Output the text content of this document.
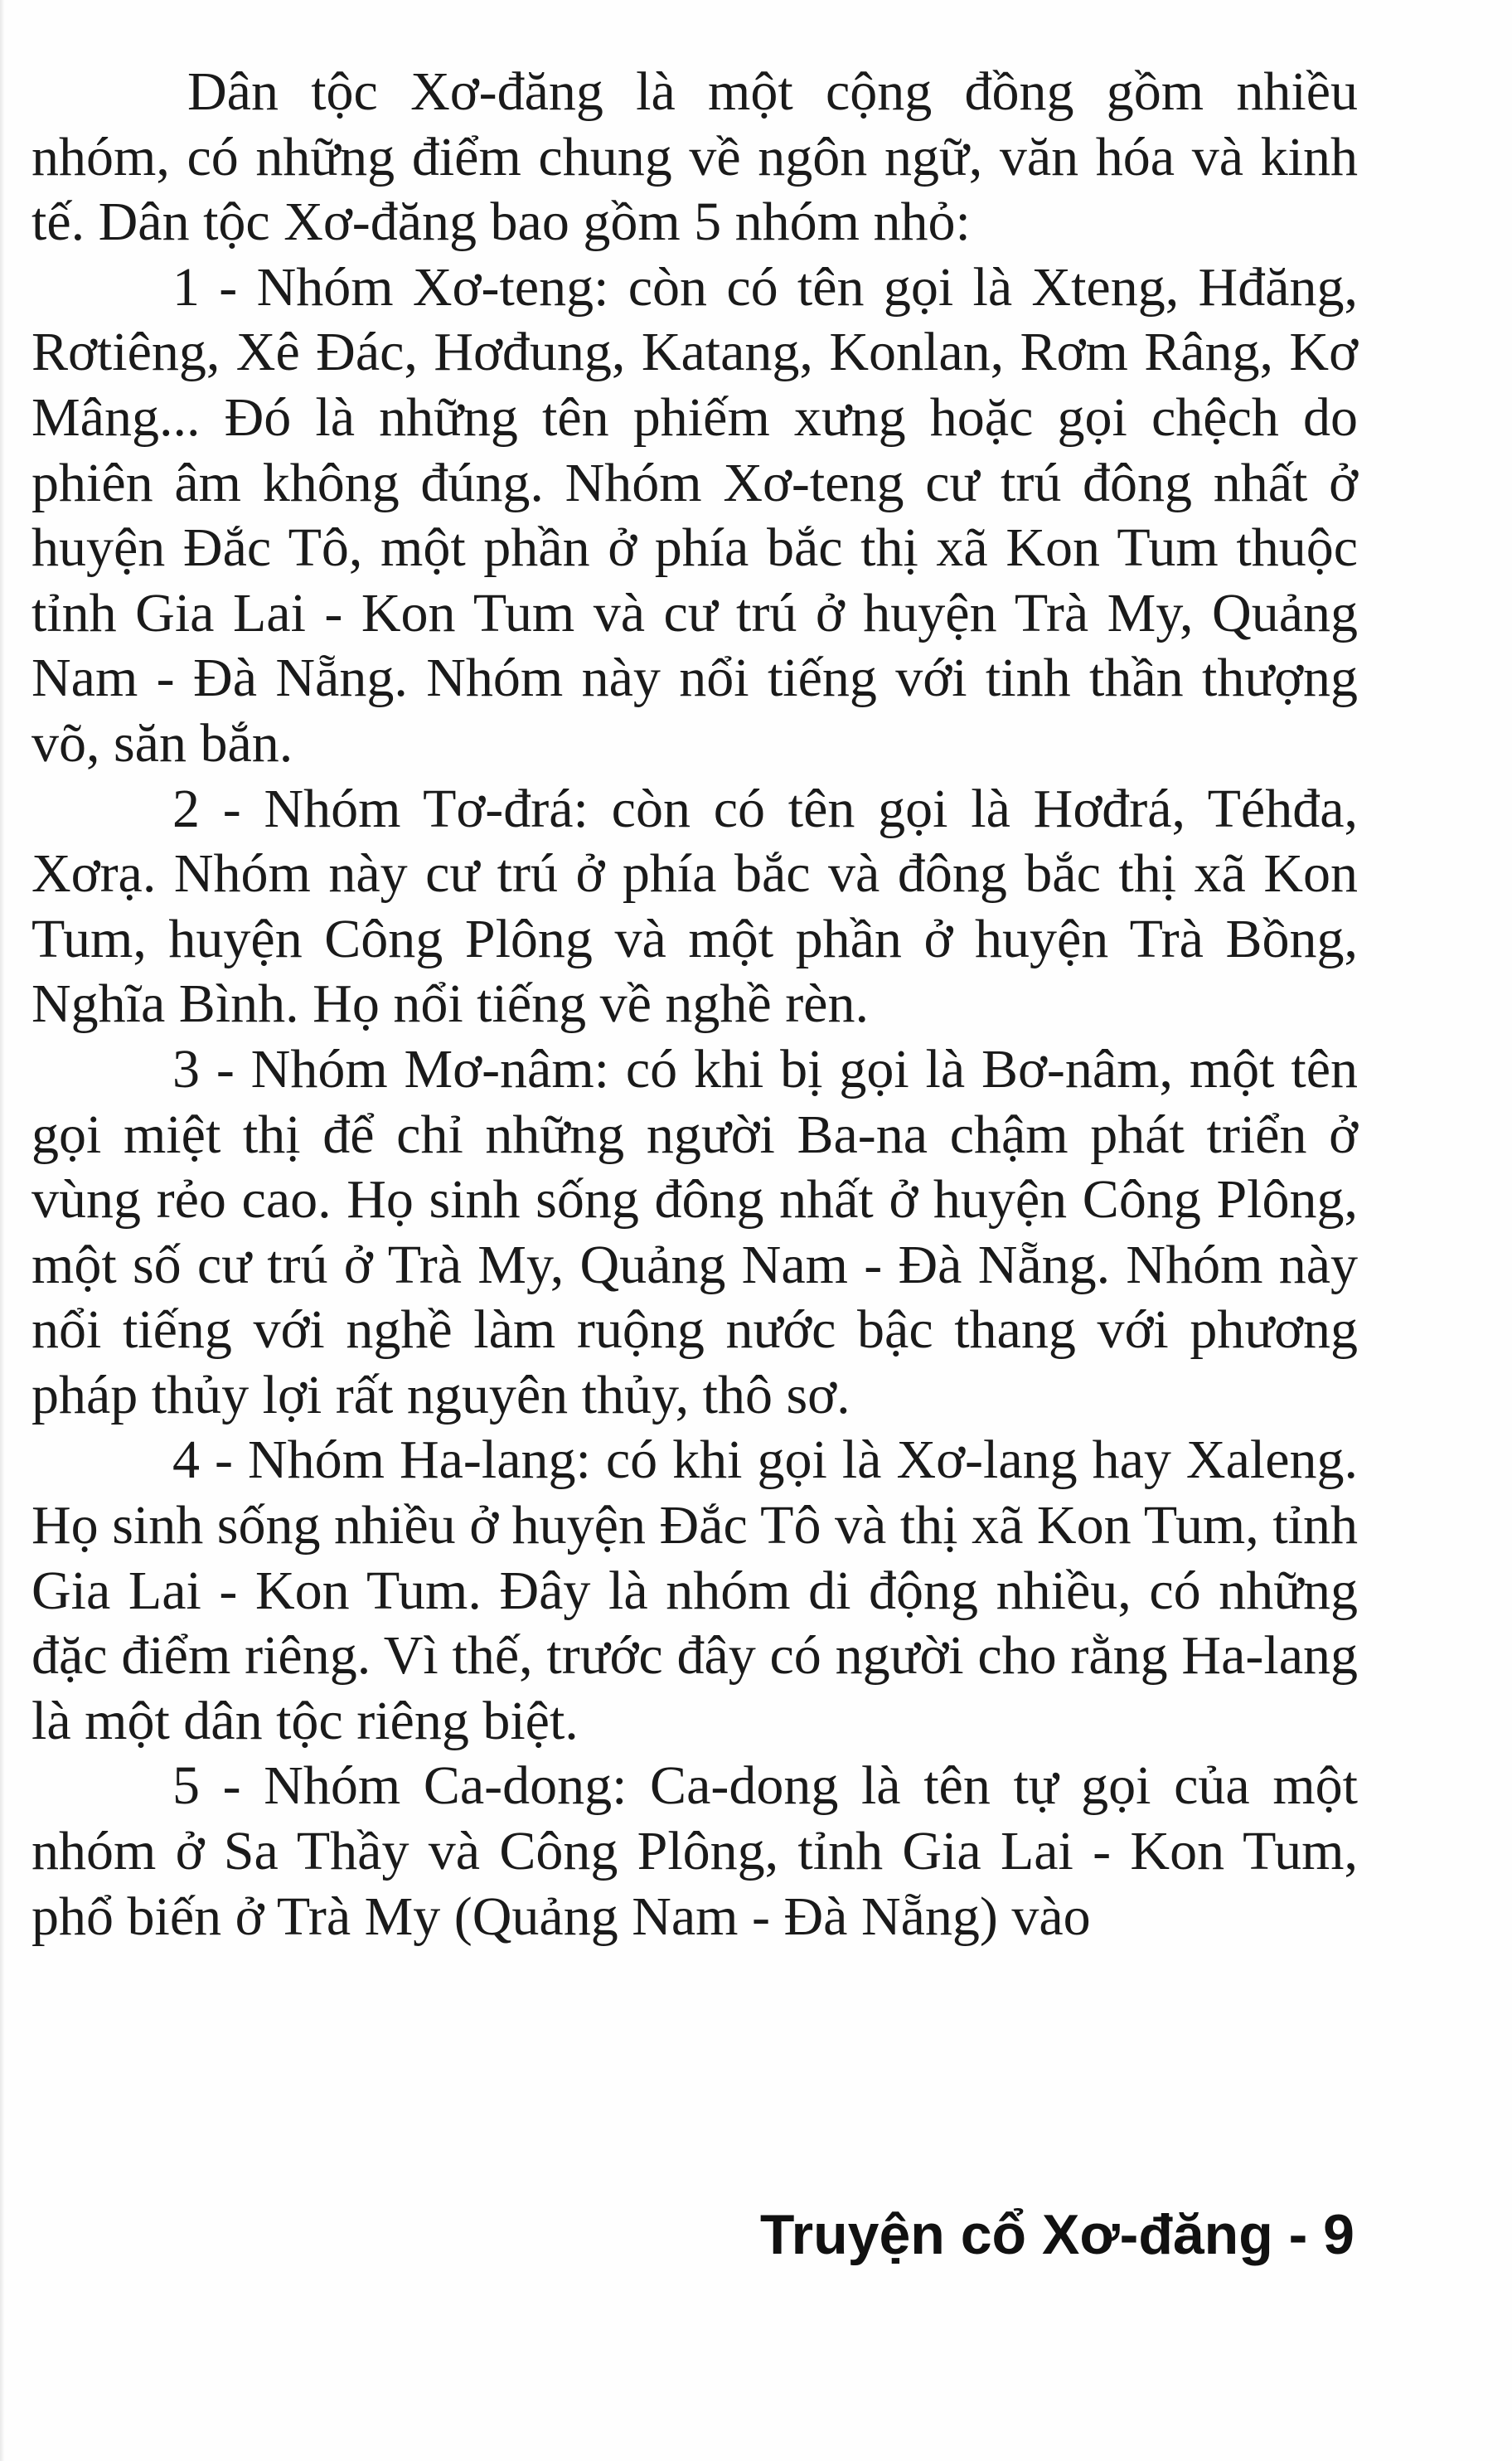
Dân tộc Xơ-đăng là một cộng đồng gồm nhiều nhóm, có những điểm chung về ngôn ngữ, văn hóa và kinh tế. Dân tộc Xơ-đăng bao gồm 5 nhóm nhỏ:

1 - Nhóm Xơ-teng: còn có tên gọi là Xteng, Hđăng, Rơtiêng, Xê Đác, Hơđung, Katang, Konlan, Rơm Râng, Kơ Mâng... Đó là những tên phiếm xưng hoặc gọi chệch do phiên âm không đúng. Nhóm Xơ-teng cư trú đông nhất ở huyện Đắc Tô, một phần ở phía bắc thị xã Kon Tum thuộc tỉnh Gia Lai - Kon Tum và cư trú ở huyện Trà My, Quảng Nam - Đà Nẵng. Nhóm này nổi tiếng với tinh thần thượng võ, săn bắn.

2 - Nhóm Tơ-đrá: còn có tên gọi là Hơđrá, Téhđa, Xơrạ. Nhóm này cư trú ở phía bắc và đông bắc thị xã Kon Tum, huyện Công Plông và một phần ở huyện Trà Bồng, Nghĩa Bình. Họ nổi tiếng về nghề rèn.

3 - Nhóm Mơ-nâm: có khi bị gọi là Bơ-nâm, một tên gọi miệt thị để chỉ những người Ba-na chậm phát triển ở vùng rẻo cao. Họ sinh sống đông nhất ở huyện Công Plông, một số cư trú ở Trà My, Quảng Nam - Đà Nẵng. Nhóm này nổi tiếng với nghề làm ruộng nước bậc thang với phương pháp thủy lợi rất nguyên thủy, thô sơ.

4 - Nhóm Ha-lang: có khi gọi là Xơ-lang hay Xaleng. Họ sinh sống nhiều ở huyện Đắc Tô và thị xã Kon Tum, tỉnh Gia Lai - Kon Tum. Đây là nhóm di động nhiều, có những đặc điểm riêng. Vì thế, trước đây có người cho rằng Ha-lang là một dân tộc riêng biệt.

5 - Nhóm Ca-dong: Ca-dong là tên tự gọi của một nhóm ở Sa Thầy và Công Plông, tỉnh Gia Lai - Kon Tum, phổ biến ở Trà My (Quảng Nam - Đà Nẵng) vào

Truyện cổ Xơ-đăng - 9
